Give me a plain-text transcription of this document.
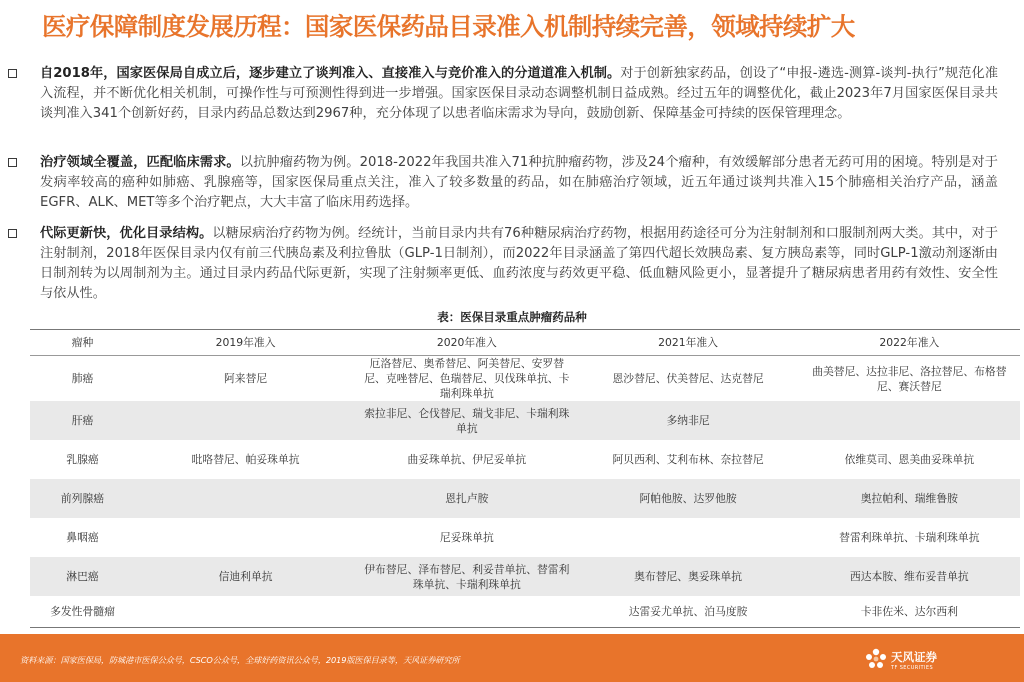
医疗保障制度发展历程：国家医保药品目录准入机制持续完善，领域持续扩大
自2018年，国家医保局自成立后，逐步建立了谈判准入、直接准入与竞价准入的分道道准入机制。对于创新独家药品，创设了“申报-遴选-测算-谈判-执行”规范化准入流程，并不断优化相关机制，可操作性与可预测性得到进一步增强。国家医保目录动态调整机制日益成熟。经过五年的调整优化，截止2023年7月国家医保目录共谈判准入341个创新好药，目录内药品总数达到2967种，充分体现了以患者临床需求为导向，鼓励创新、保障基金可持续的医保管理理念。
治疗领域全覆盖，匹配临床需求。以抗肿瘤药物为例。2018-2022年我国共准入71种抗肿瘤药物，涉及24个瘤种，有效缓解部分患者无药可用的困境。特别是对于发病率较高的癌种如肺癌、乳腺癌等，国家医保局重点关注，准入了较多数量的药品，如在肺癌治疗领域，近五年通过谈判共准入15个肺癌相关治疗产品，涵盖EGFR、ALK、MET等多个治疗靶点，大大丰富了临床用药选择。
代际更新快，优化目录结构。以糖尿病治疗药物为例。经统计，当前目录内共有76种糖尿病治疗药物，根据用药途径可分为注射制剂和口服制剂两大类。其中，对于注射制剂，2018年医保目录内仅有前三代胰岛素及利拉鲁肽（GLP-1日制剂），而2022年目录涵盖了第四代超长效胰岛素、复方胰岛素等，同时GLP-1激动剂逐渐由日制剂转为以周制剂为主。通过目录内药品代际更新，实现了注射频率更低、血药浓度与药效更平稳、低血糖风险更小，显著提升了糖尿病患者用药有效性、安全性与依从性。
表：医保目录重点肿瘤药品种
瘤种	2019年准入	2020年准入	2021年准入	2022年准入
肺癌	阿来替尼	厄洛替尼、奥希替尼、阿美替尼、安罗替尼、克唑替尼、色瑞替尼、贝伐珠单抗、卡瑞利珠单抗	恩沙替尼、伏美替尼、达克替尼	曲美替尼、达拉非尼、洛拉替尼、布格替尼、赛沃替尼
肝癌		索拉非尼、仑伐替尼、瑞戈非尼、卡瑞利珠单抗	多纳非尼	
乳腺癌	吡咯替尼、帕妥珠单抗	曲妥珠单抗、伊尼妥单抗	阿贝西利、艾利布林、奈拉替尼	依维莫司、恩美曲妥珠单抗
前列腺癌		恩扎卢胺	阿帕他胺、达罗他胺	奥拉帕利、瑞维鲁胺
鼻咽癌		尼妥珠单抗		替雷利珠单抗、卡瑞利珠单抗
淋巴癌	信迪利单抗	伊布替尼、泽布替尼、利妥昔单抗、替雷利珠单抗、卡瑞利珠单抗	奥布替尼、奥妥珠单抗	西达本胺、维布妥昔单抗
多发性骨髓瘤			达雷妥尤单抗、泊马度胺	卡非佐米、达尔西利
资料来源：国家医保局，防城港市医保公众号，CSCO公众号，全球好药资讯公众号，2019版医保目录等，天风证券研究所	天风证券
TF SECURITIES
